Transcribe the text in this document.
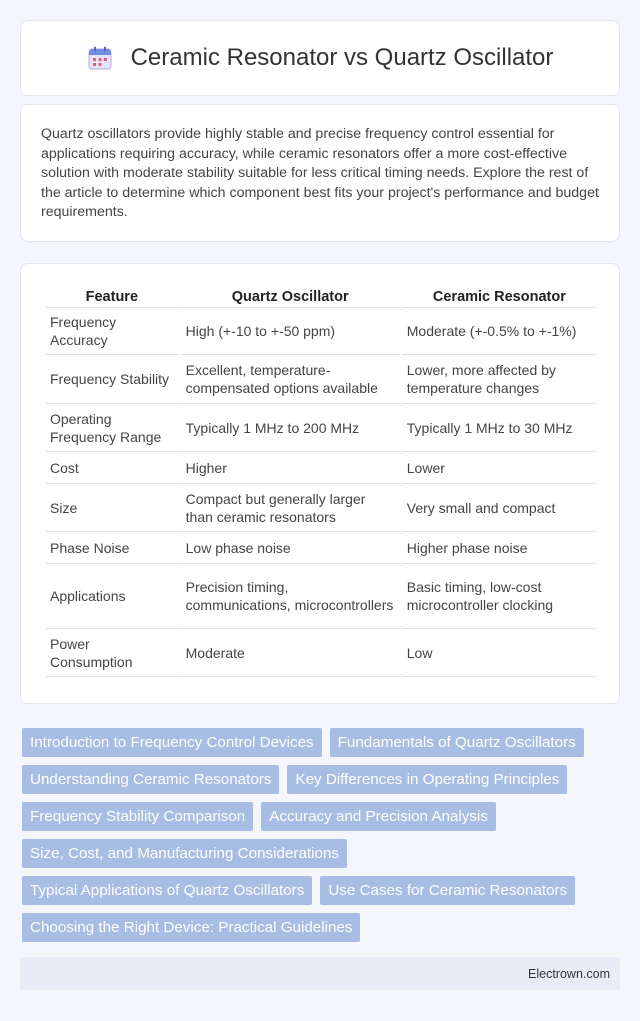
Ceramic Resonator vs Quartz Oscillator

Quartz oscillators provide highly stable and precise frequency control essential for applications requiring accuracy, while ceramic resonators offer a more cost-effective solution with moderate stability suitable for less critical timing needs. Explore the rest of the article to determine which component best fits your project's performance and budget requirements.

Feature	Quartz Oscillator	Ceramic Resonator
Frequency Accuracy	High (+-10 to +-50 ppm)	Moderate (+-0.5% to +-1%)
Frequency Stability	Excellent, temperature-compensated options available	Lower, more affected by temperature changes
Operating Frequency Range	Typically 1 MHz to 200 MHz	Typically 1 MHz to 30 MHz
Cost	Higher	Lower
Size	Compact but generally larger than ceramic resonators	Very small and compact
Phase Noise	Low phase noise	Higher phase noise
Applications	Precision timing, communications, microcontrollers	Basic timing, low-cost microcontroller clocking
Power Consumption	Moderate	Low
Introduction to Frequency Control Devices	Fundamentals of Quartz Oscillators
Understanding Ceramic Resonators	Key Differences in Operating Principles
Frequency Stability Comparison	Accuracy and Precision Analysis
Size, Cost, and Manufacturing Considerations
Typical Applications of Quartz Oscillators	Use Cases for Ceramic Resonators
Choosing the Right Device: Practical Guidelines
Electrown.com
